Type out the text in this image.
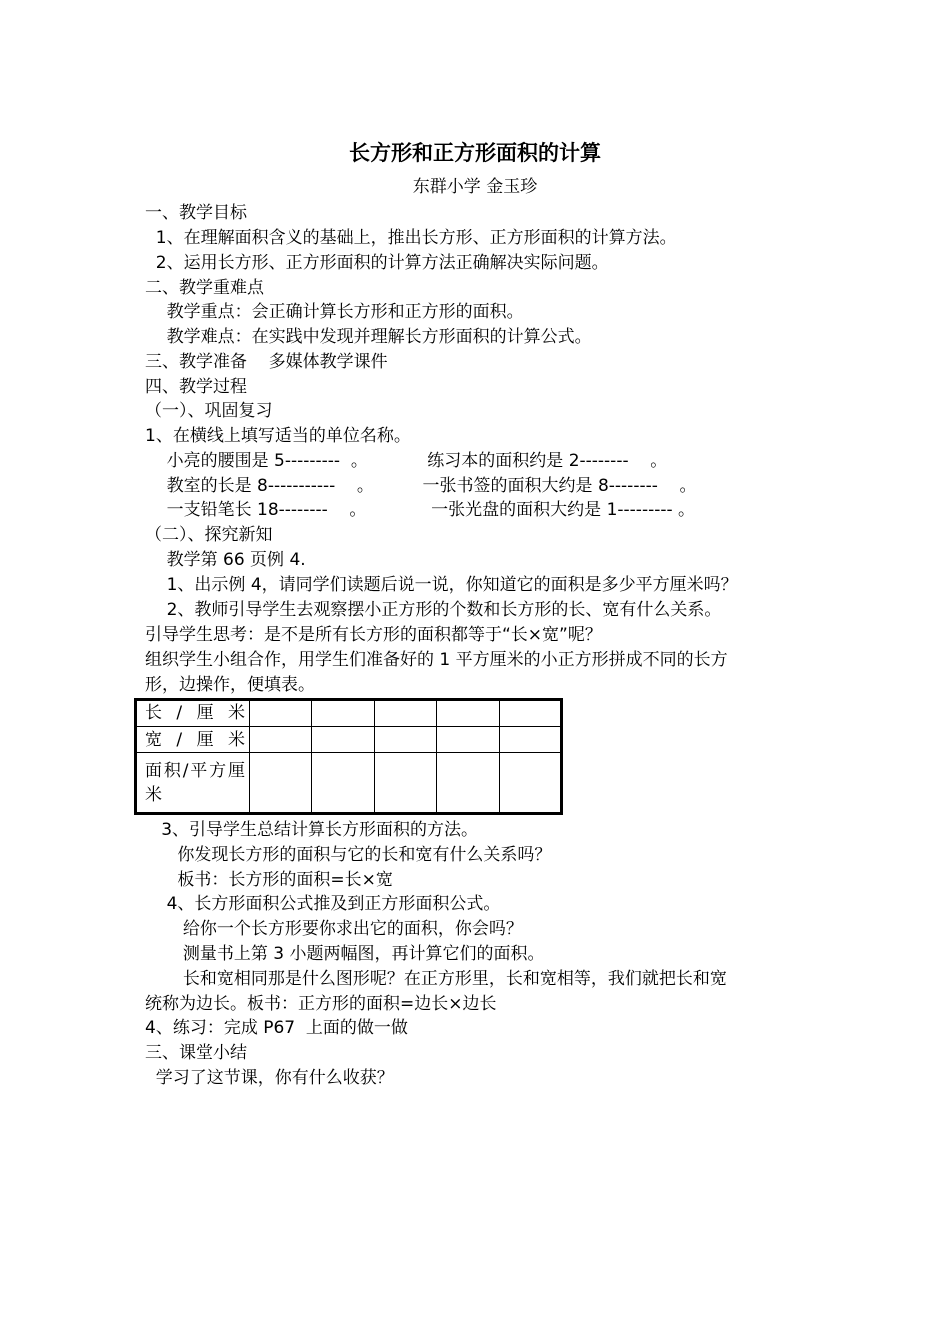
长方形和正方形面积的计算

东群小学 金玉珍

一、教学目标

1、在理解面积含义的基础上，推出长方形、正方形面积的计算方法。

2、运用长方形、正方形面积的计算方法正确解决实际问题。

二、教学重难点

教学重点：会正确计算长方形和正方形的面积。

教学难点：在实践中发现并理解长方形面积的计算公式。

三、教学准备    多媒体教学课件

四、教学过程

（一）、巩固复习

1、在横线上填写适当的单位名称。

小亮的腰围是 5---------  。           练习本的面积约是 2--------    。

教室的长是 8-----------    。         一张书签的面积大约是 8--------    。

一支铅笔长 18--------    。            一张光盘的面积大约是 1--------- 。

（二）、探究新知

教学第 66 页例 4.

1、出示例 4，请同学们读题后说一说，你知道它的面积是多少平方厘米吗？

2、教师引导学生去观察摆小正方形的个数和长方形的长、宽有什么关系。

引导学生思考：是不是所有长方形的面积都等于“长×宽”呢？

组织学生小组合作，用学生们准备好的 1 平方厘米的小正方形拼成不同的长方

形，边操作，便填表。

长/厘米					
宽/厘米					
面积/平方厘米					

3、引导学生总结计算长方形面积的方法。

你发现长方形的面积与它的长和宽有什么关系吗？

板书：长方形的面积=长×宽

4、长方形面积公式推及到正方形面积公式。

给你一个长方形要你求出它的面积，你会吗？

测量书上第 3 小题两幅图，再计算它们的面积。

长和宽相同那是什么图形呢？在正方形里，长和宽相等，我们就把长和宽

统称为边长。板书：正方形的面积=边长×边长

4、练习：完成 P67  上面的做一做

三、课堂小结

学习了这节课，你有什么收获？
